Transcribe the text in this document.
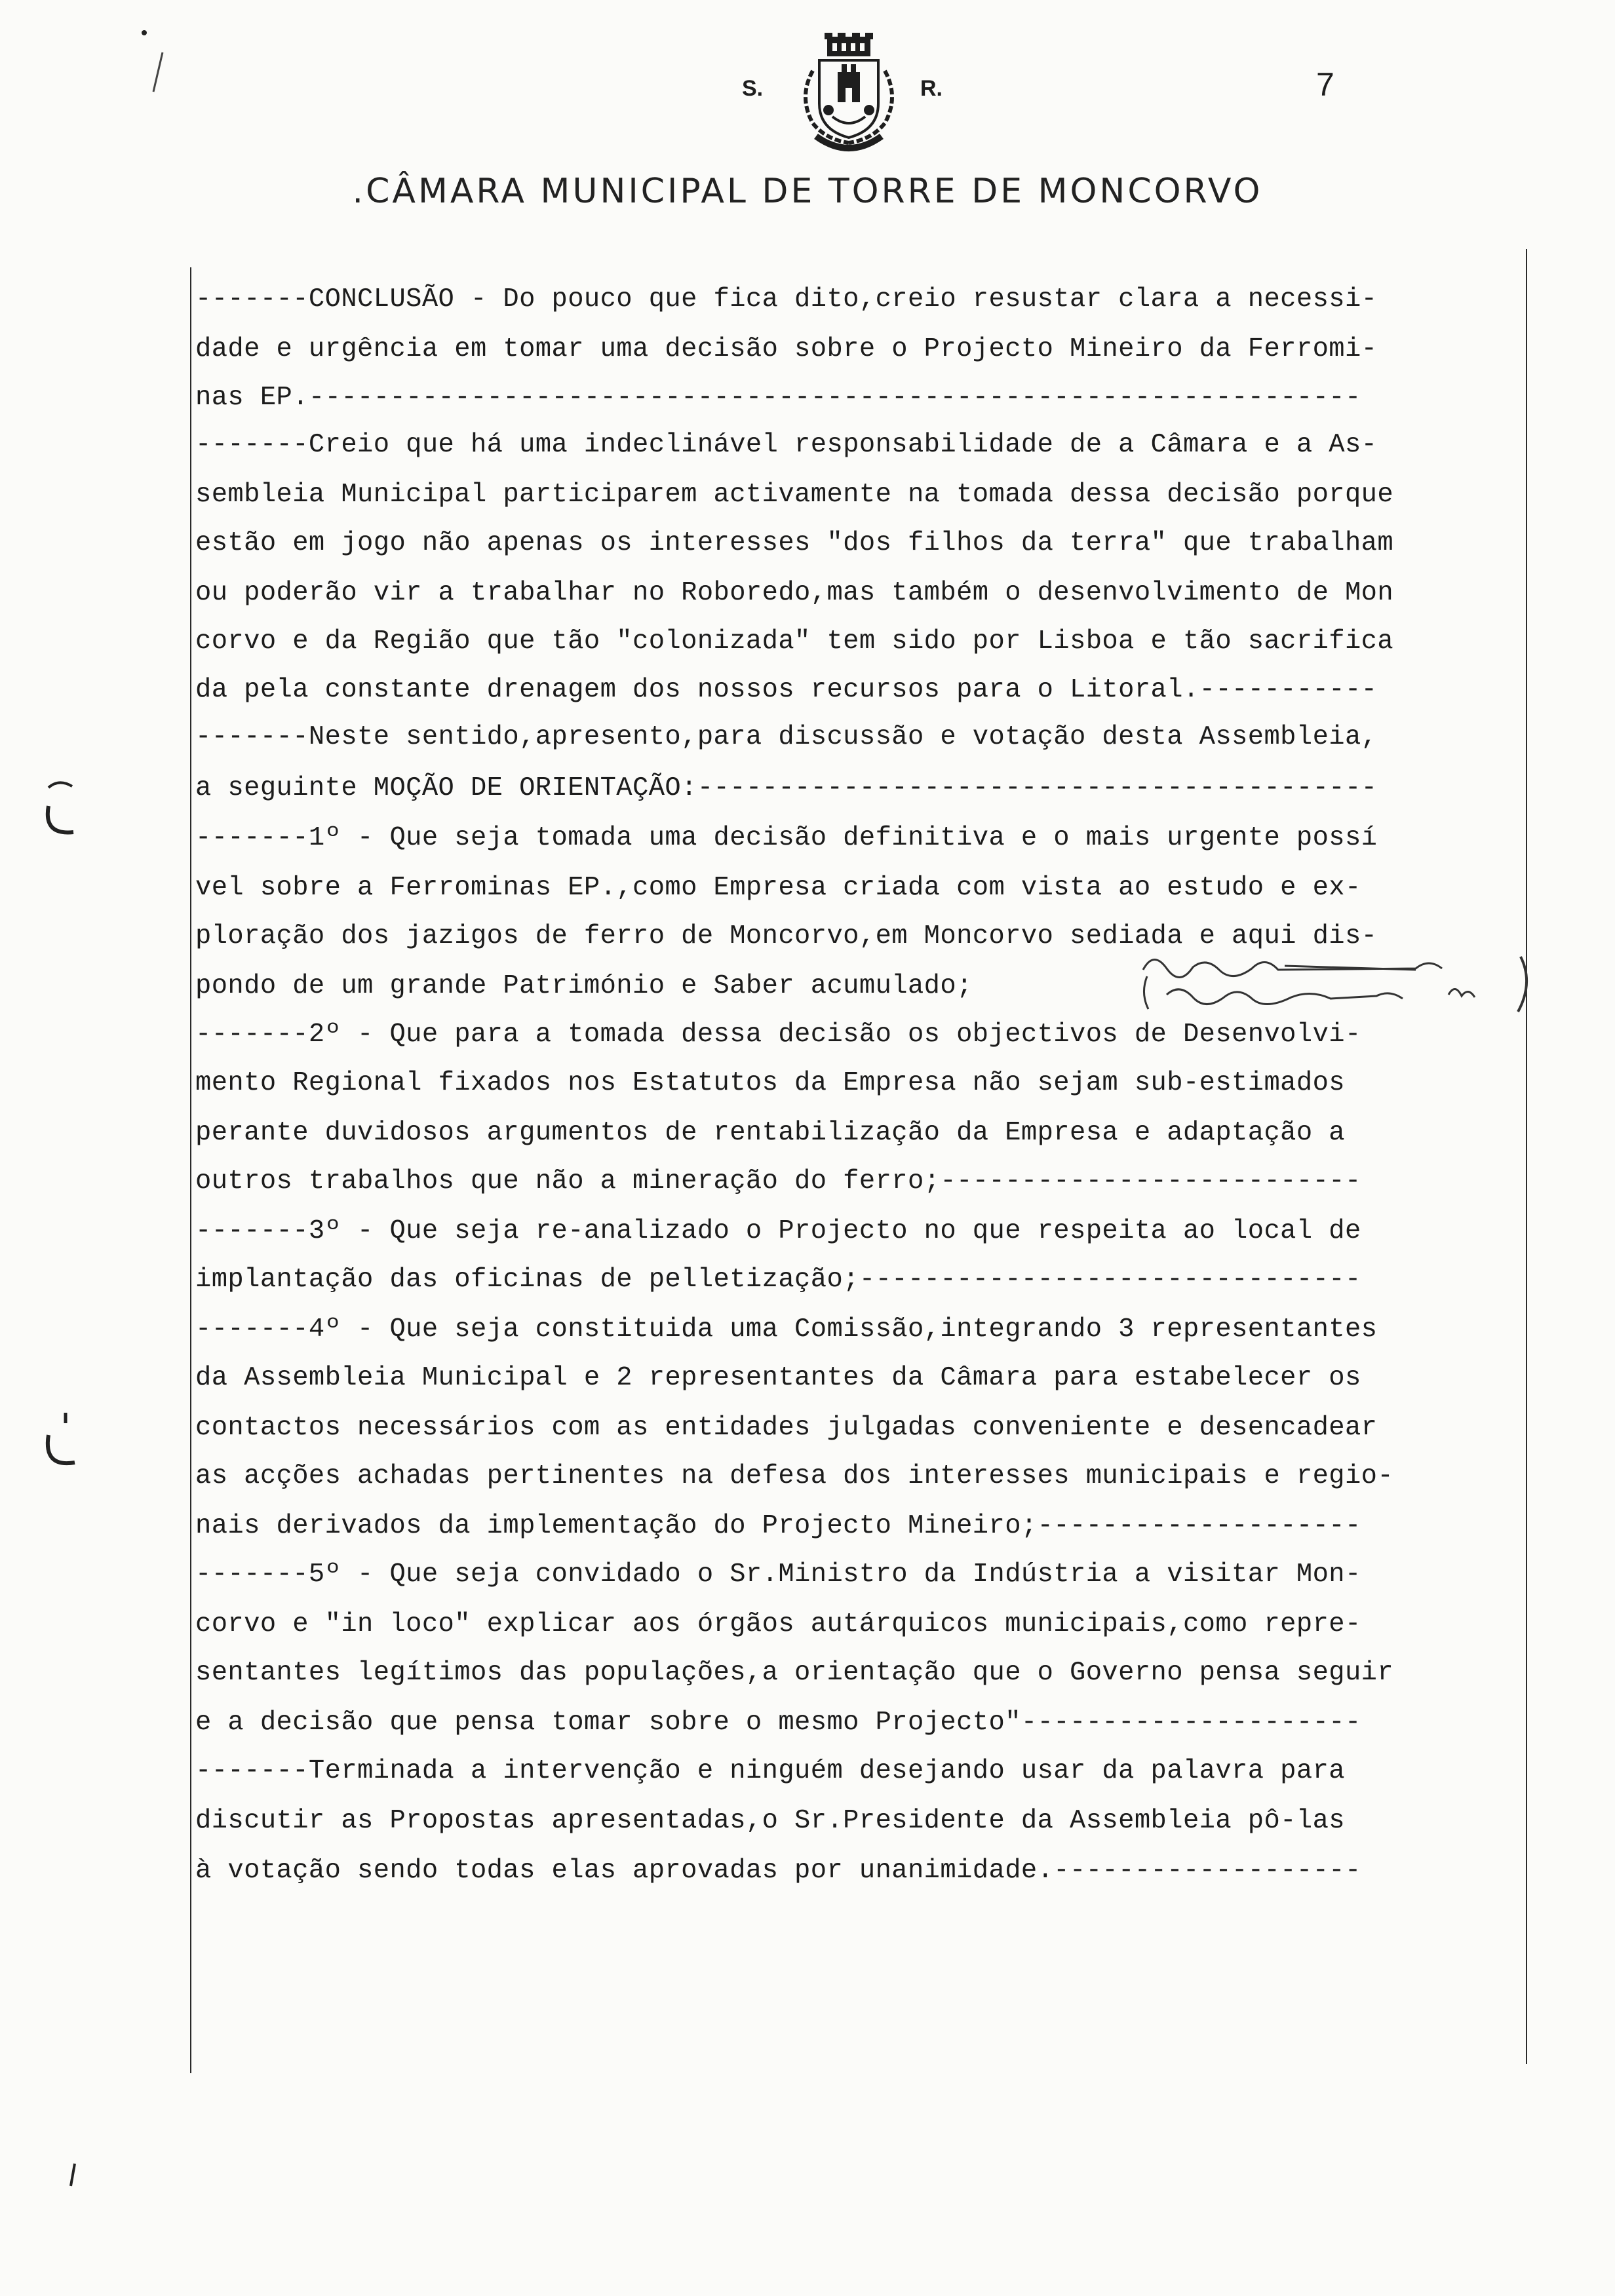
S.	R.	7
.CÂMARA MUNICIPAL DE TORRE DE MONCORVO
-------CONCLUSÃO - Do pouco que fica dito,creio resustar clara a necessi-
dade e urgência em tomar uma decisão sobre o Projecto Mineiro da Ferromi-
nas EP.-----------------------------------------------------------------
-------Creio que há uma indeclinável responsabilidade de a Câmara e a As-
sembleia Municipal participarem activamente na tomada dessa decisão porque
estão em jogo não apenas os interesses "dos filhos da terra" que trabalham
ou poderão vir a trabalhar no Roboredo,mas também o desenvolvimento de Mon
corvo e da Região que tão "colonizada" tem sido por Lisboa e tão sacrifica
da pela constante drenagem dos nossos recursos para o Litoral.-----------
-------Neste sentido,apresento,para discussão e votação desta Assembleia,
a seguinte MOÇÃO DE ORIENTAÇÃO:------------------------------------------
-------1º - Que seja tomada uma decisão definitiva e o mais urgente possí
vel sobre a Ferrominas EP.,como Empresa criada com vista ao estudo e ex-
ploração dos jazigos de ferro de Moncorvo,em Moncorvo sediada e aqui dis-
pondo de um grande Património e Saber acumulado;
-------2º - Que para a tomada dessa decisão os objectivos de Desenvolvi-
mento Regional fixados nos Estatutos da Empresa não sejam sub-estimados
perante duvidosos argumentos de rentabilização da Empresa e adaptação a
outros trabalhos que não a mineração do ferro;--------------------------
-------3º - Que seja re-analizado o Projecto no que respeita ao local de
implantação das oficinas de pelletização;-------------------------------
-------4º - Que seja constituida uma Comissão,integrando 3 representantes
da Assembleia Municipal e 2 representantes da Câmara para estabelecer os
contactos necessários com as entidades julgadas conveniente e desencadear
as acções achadas pertinentes na defesa dos interesses municipais e regio-
nais derivados da implementação do Projecto Mineiro;--------------------
-------5º - Que seja convidado o Sr.Ministro da Indústria a visitar Mon-
corvo e "in loco" explicar aos órgãos autárquicos municipais,como repre-
sentantes legítimos das populações,a orientação que o Governo pensa seguir
e a decisão que pensa tomar sobre o mesmo Projecto"---------------------
-------Terminada a intervenção e ninguém desejando usar da palavra para
discutir as Propostas apresentadas,o Sr.Presidente da Assembleia pô-las
à votação sendo todas elas aprovadas por unanimidade.-------------------
